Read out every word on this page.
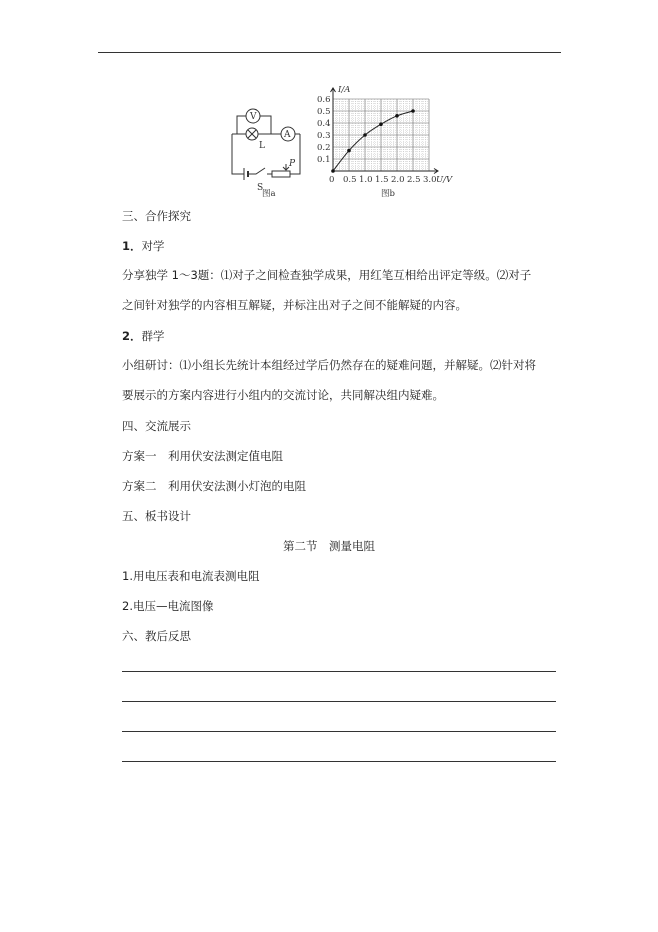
V
A
L
S
P
图a
0.5 1.0 1.5 2.0 2.5 3.0
0.1
0.2
0.3
0.4
0.5
0.6
I/A
U/V
0
图b
三、合作探究
1．对学
分享独学 1～3题：⑴对子之间检查独学成果，用红笔互相给出评定等级。⑵对子
之间针对独学的内容相互解疑，并标注出对子之间不能解疑的内容。
2．群学
小组研讨：⑴小组长先统计本组经过学后仍然存在的疑难问题，并解疑。⑵针对将
要展示的方案内容进行小组内的交流讨论，共同解决组内疑难。
四、交流展示
方案一　利用伏安法测定值电阻
方案二　利用伏安法测小灯泡的电阻
五、板书设计
第二节　测量电阻
1.用电压表和电流表测电阻
2.电压—电流图像
六、教后反思
